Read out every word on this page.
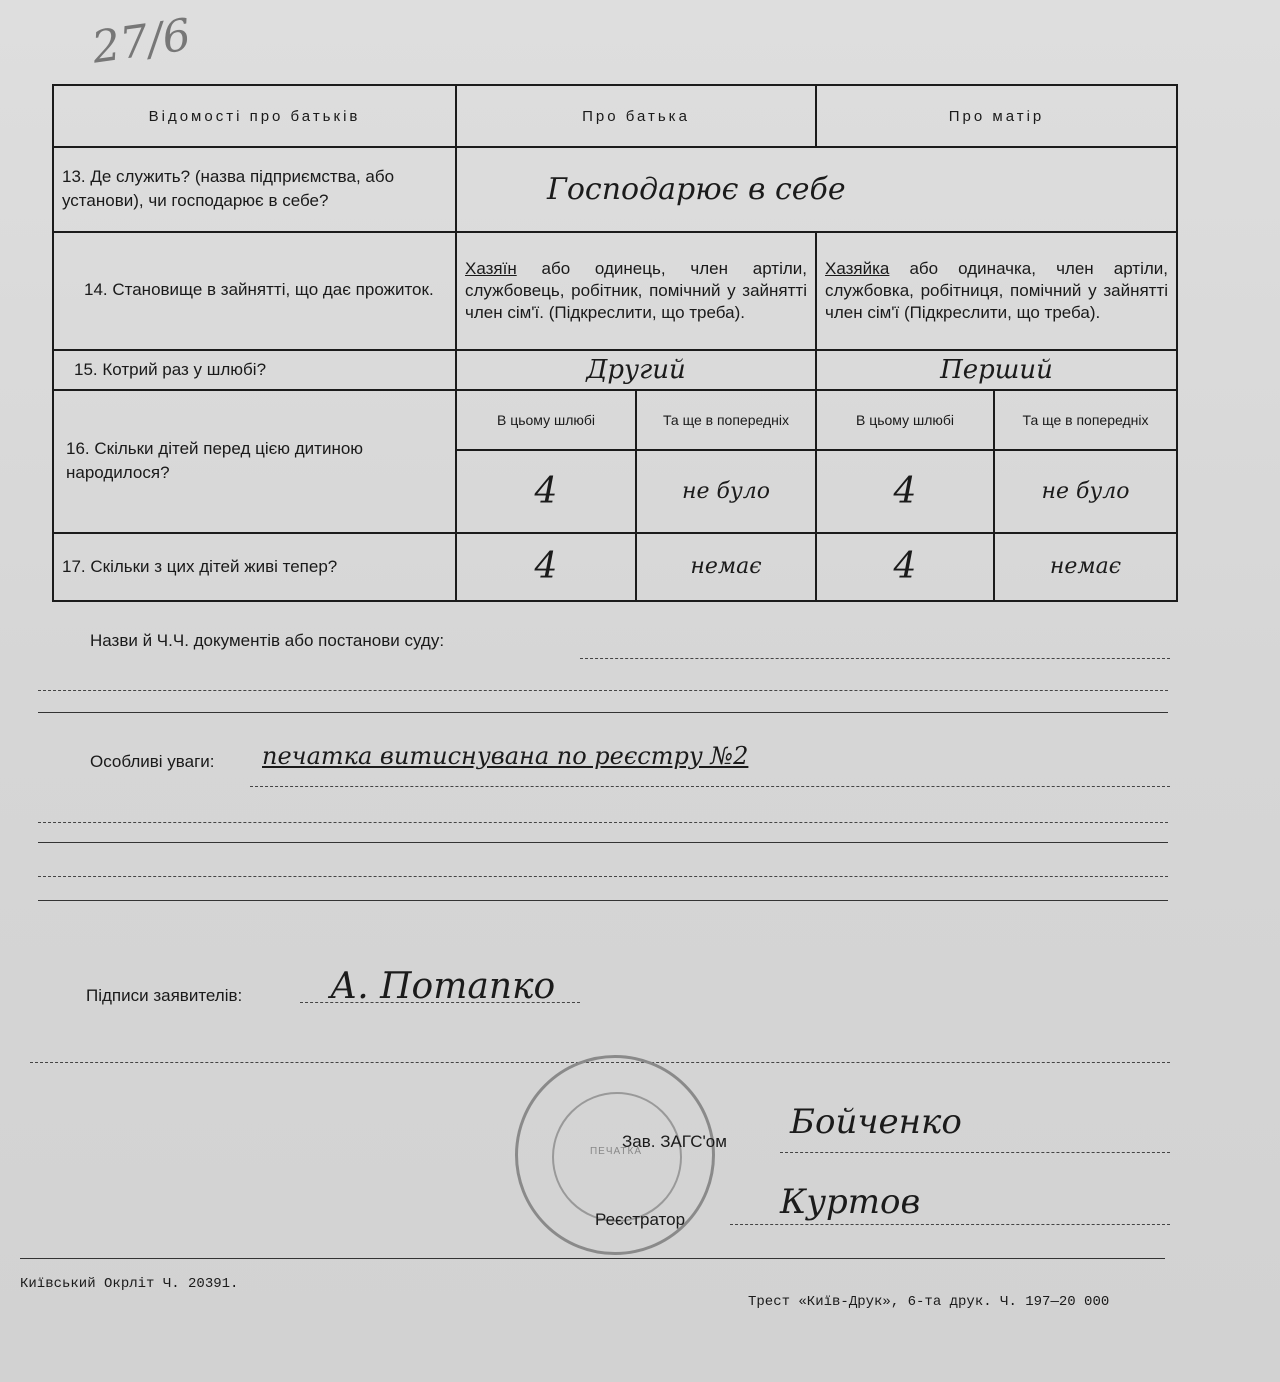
27/6
Відомості про батьків	Про батька		Про матір	
13. Де служить? (назва підприємства, або установи), чи господарює в себе?	Господарює в себе			
14. Становище в зайнятті, що дає прожиток.	Хазяїн або одинець, член артіли, службовець, робітник, помічний у зайнятті член сім'ї. (Підкреслити, що треба).		Хазяйка або одиначка, член артіли, службовка, робітниця, помічний у зайнятті член сім'ї (Підкреслити, що треба).	
15. Котрий раз у шлюбі?	Другий		Перший	
16. Скільки дітей перед цією дитиною народилося?	В цьому шлюбі	Та ще в попередніх	В цьому шлюбі	Та ще в попередніх
	4	не було	4	не було
17. Скільки з цих дітей живі тепер?	4	немає	4	немає
Назви й Ч.Ч. документів або постанови суду:
Особливі уваги: печатка витиснувана по реєстру №2
Підписи заявителів: А. Потапко
ПЕЧАТКА
Зав. ЗАГС'ом Бойченко
Реєстратор	Куртов
Київський Окрліт Ч. 20391.
Трест «Київ-Друк», 6-та друк. Ч. 197—20 000
